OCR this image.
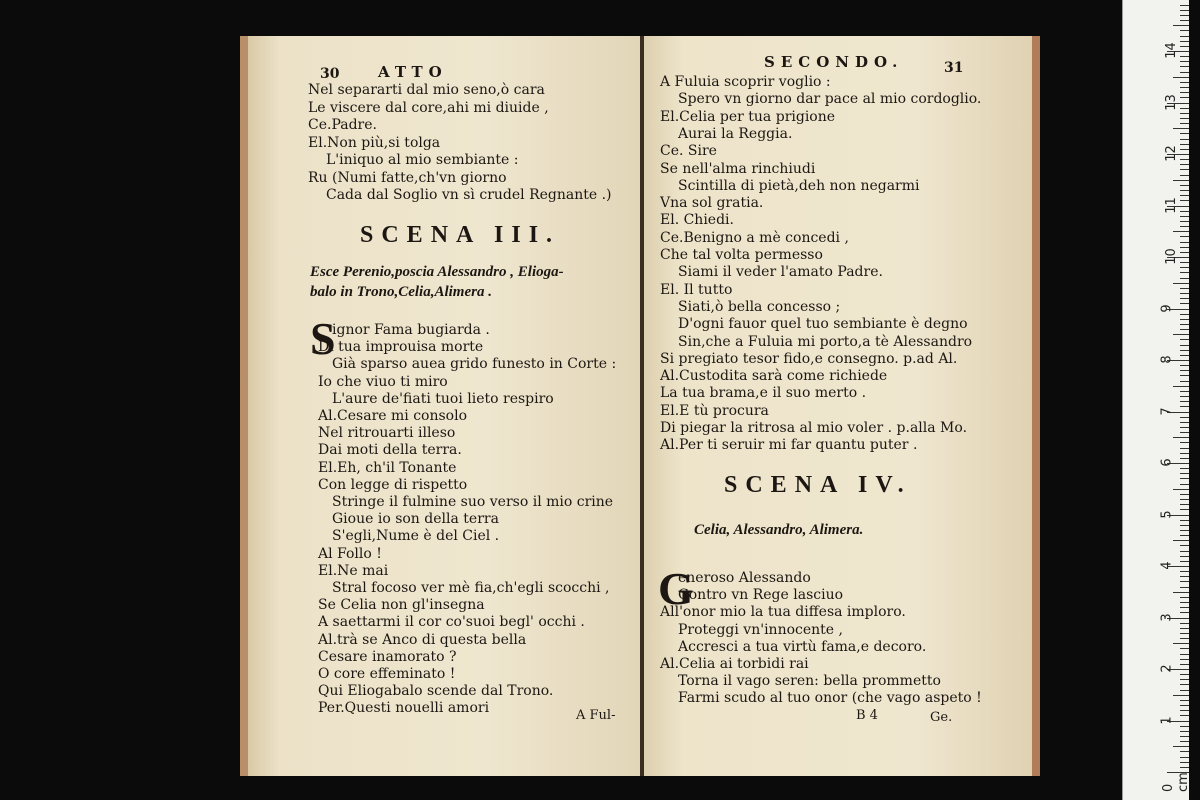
30	ATTO
Nel separarti dal mio seno,ò cara
Le viscere dal core,ahi mi diuide ,
Ce.Padre.
El.Non più,si tolga
L'iniquo al mio sembiante :
Ru (Numi fatte,ch'vn giorno
Cada dal Soglio vn sì crudel Regnante .)
SCENA III.
Esce Perenio,poscia Alessandro , Elioga-
balo in Trono,Celia,Alimera .
S
ignor Fama bugiarda .
Di tua improuisa morte
Già sparso auea grido funesto in Corte :
Io che viuo ti miro
L'aure de'fiati tuoi lieto respiro
Al.Cesare mi consolo
Nel ritrouarti illeso
Dai moti della terra.
El.Eh, ch'il Tonante
Con legge di rispetto
Stringe il fulmine suo verso il mio crine
Gioue io son della terra
S'egli,Nume è del Ciel .
Al Follo !
El.Ne mai
Stral focoso ver mè fia,ch'egli scocchi ,
Se Celia non gl'insegna
A saettarmi il cor co'suoi begl' occhi .
Al.trà se Anco di questa bella
Cesare inamorato ?
O core effeminato !
Qui Eliogabalo scende dal Trono.
Per.Questi nouelli amori	A Ful-
SECONDO.	31
A Fuluia scoprir voglio :
Spero vn giorno dar pace al mio cordoglio.
El.Celia per tua prigione
Aurai la Reggia.
Ce. Sire
Se nell'alma rinchiudi
Scintilla di pietà,deh non negarmi
Vna sol gratia.
El. Chiedi.
Ce.Benigno a mè concedi ,
Che tal volta permesso
Siami il veder l'amato Padre.
El. Il tutto
Siati,ò bella concesso ;
D'ogni fauor quel tuo sembiante è degno
Sin,che a Fuluia mi porto,a tè Alessandro
Si pregiato tesor fido,e consegno. p.ad Al.
Al.Custodita sarà come richiede
La tua brama,e il suo merto .
El.E tù procura
Di piegar la ritrosa al mio voler . p.alla Mo.
Al.Per ti seruir mi far quantu puter .
SCENA IV.
Celia, Alessandro, Alimera.
G
eneroso Alessando
Contro vn Rege lasciuo
All'onor mio la tua diffesa imploro.
Proteggi vn'innocente ,
Accresci a tua virtù fama,e decoro.
Al.Celia ai torbidi rai
Torna il vago seren: bella prommetto
Farmi scudo al tuo onor (che vago aspeto !
B 4	Ge.
0 cm
1
2
3
4
5
6
7
8
9
10
11
12
13
14
